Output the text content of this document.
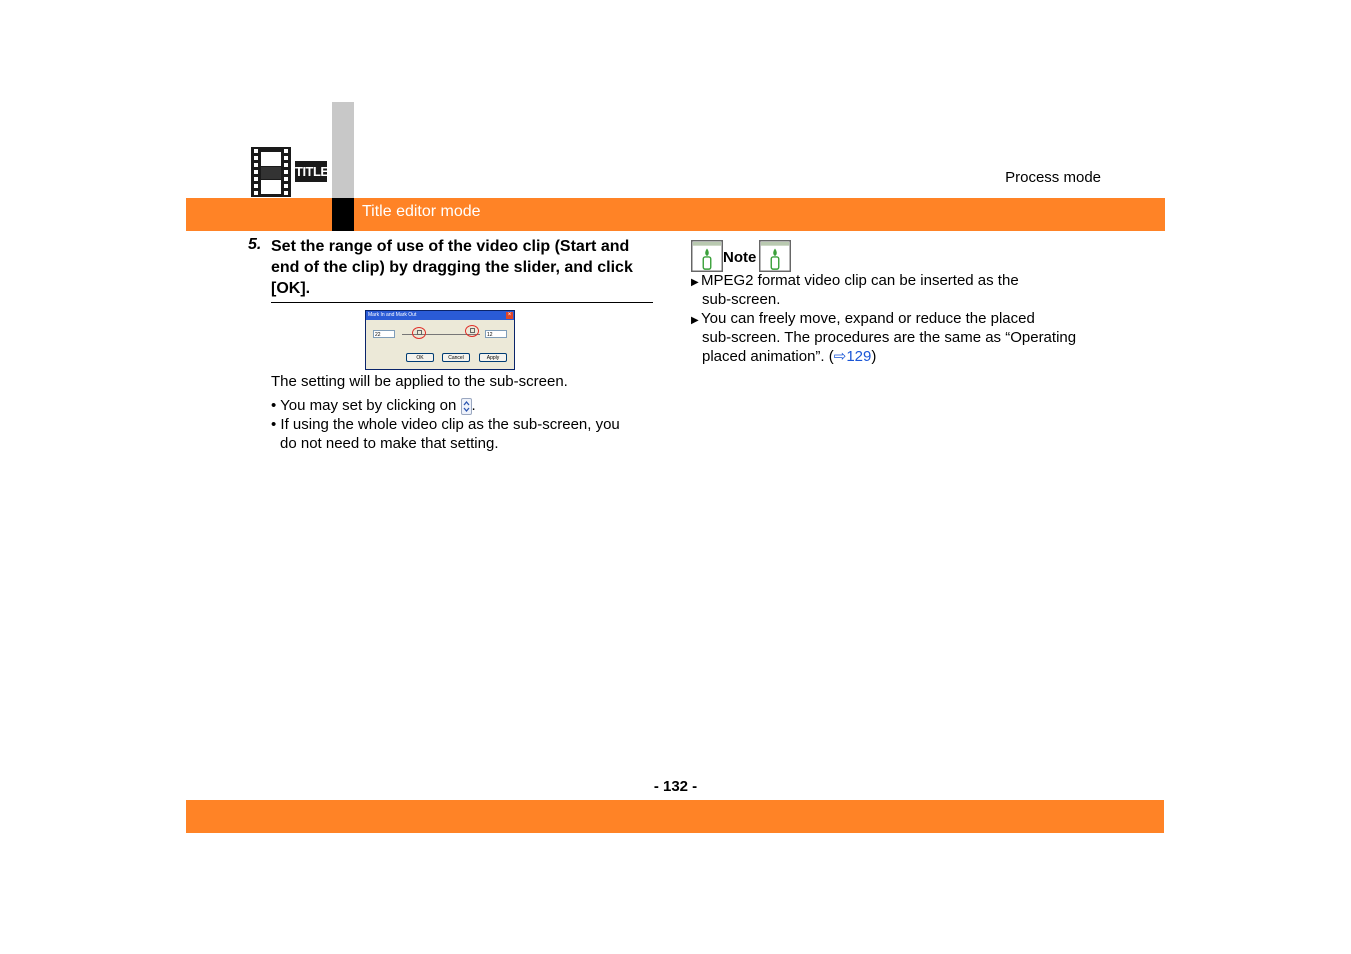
TITLE	Process mode
Title editor mode
5. Set the range of use of the video clip (Start and end of the clip) by dragging the slider, and click [OK].
Mark In and Mark Out	×
22	12
OK	Cancel	Apply
The setting will be applied to the sub-screen.
• You may set by clicking on .
• If using the whole video clip as the sub-screen, you
do not need to make that setting.
Note
▶ MPEG2 format video clip can be inserted as the
sub-screen.
▶ You can freely move, expand or reduce the placed
sub-screen. The procedures are the same as “Operating
placed animation”. (⇨129)
- 132 -
